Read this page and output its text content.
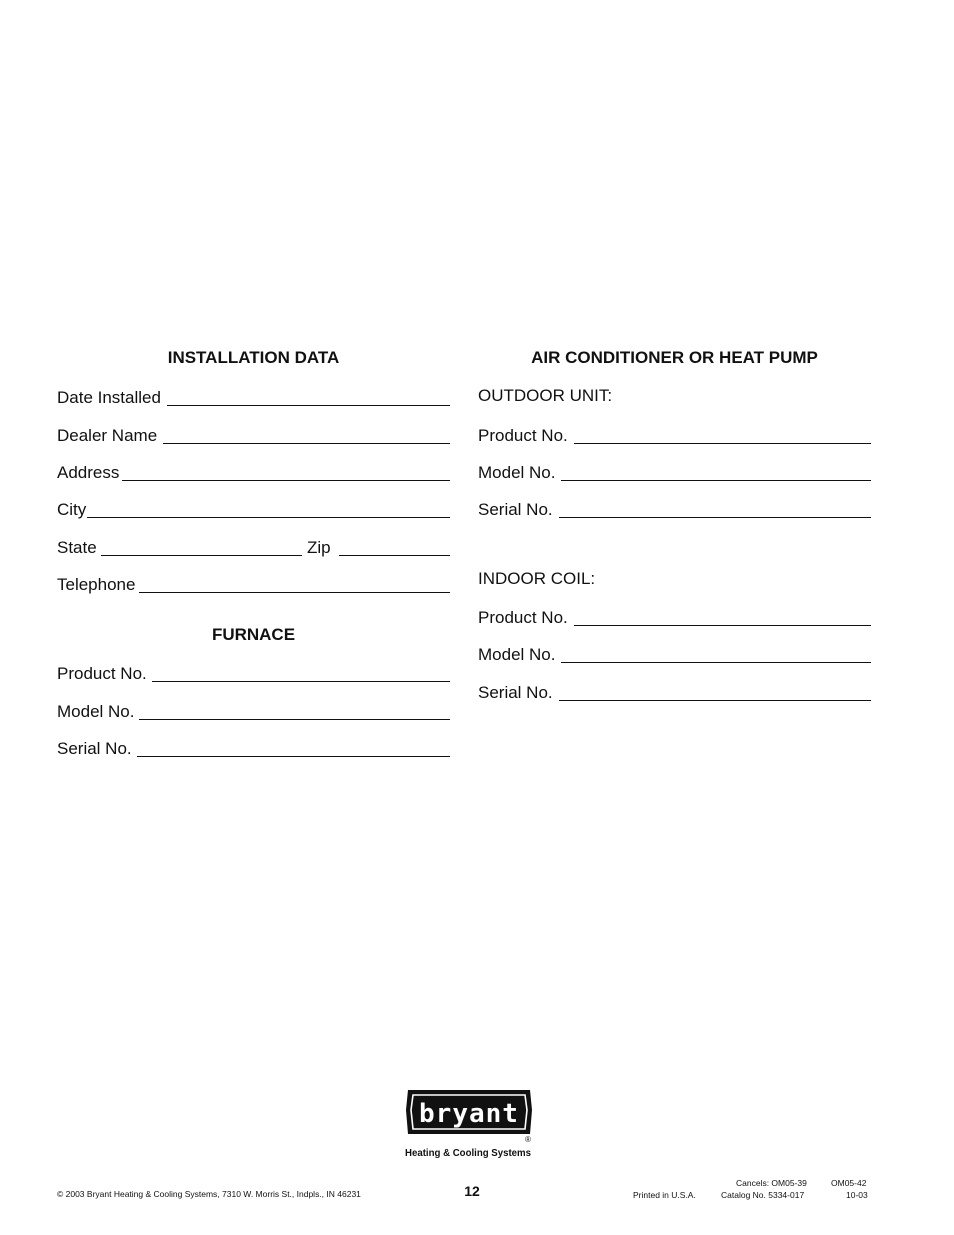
INSTALLATION DATA
Date Installed
Dealer Name
Address
City
State	Zip
Telephone
FURNACE
Product No.
Model No.
Serial No.
AIR CONDITIONER OR HEAT PUMP
OUTDOOR UNIT:
Product No.
Model No.
Serial No.
INDOOR COIL:
Product No.
Model No.
Serial No.
bryant
®
Heating & Cooling Systems
© 2003 Bryant Heating & Cooling Systems, 7310 W. Morris St., Indpls., IN 46231	12	Cancels: OM05-39	OM05-42
Printed in U.S.A.	Catalog No. 5334-017	10-03
